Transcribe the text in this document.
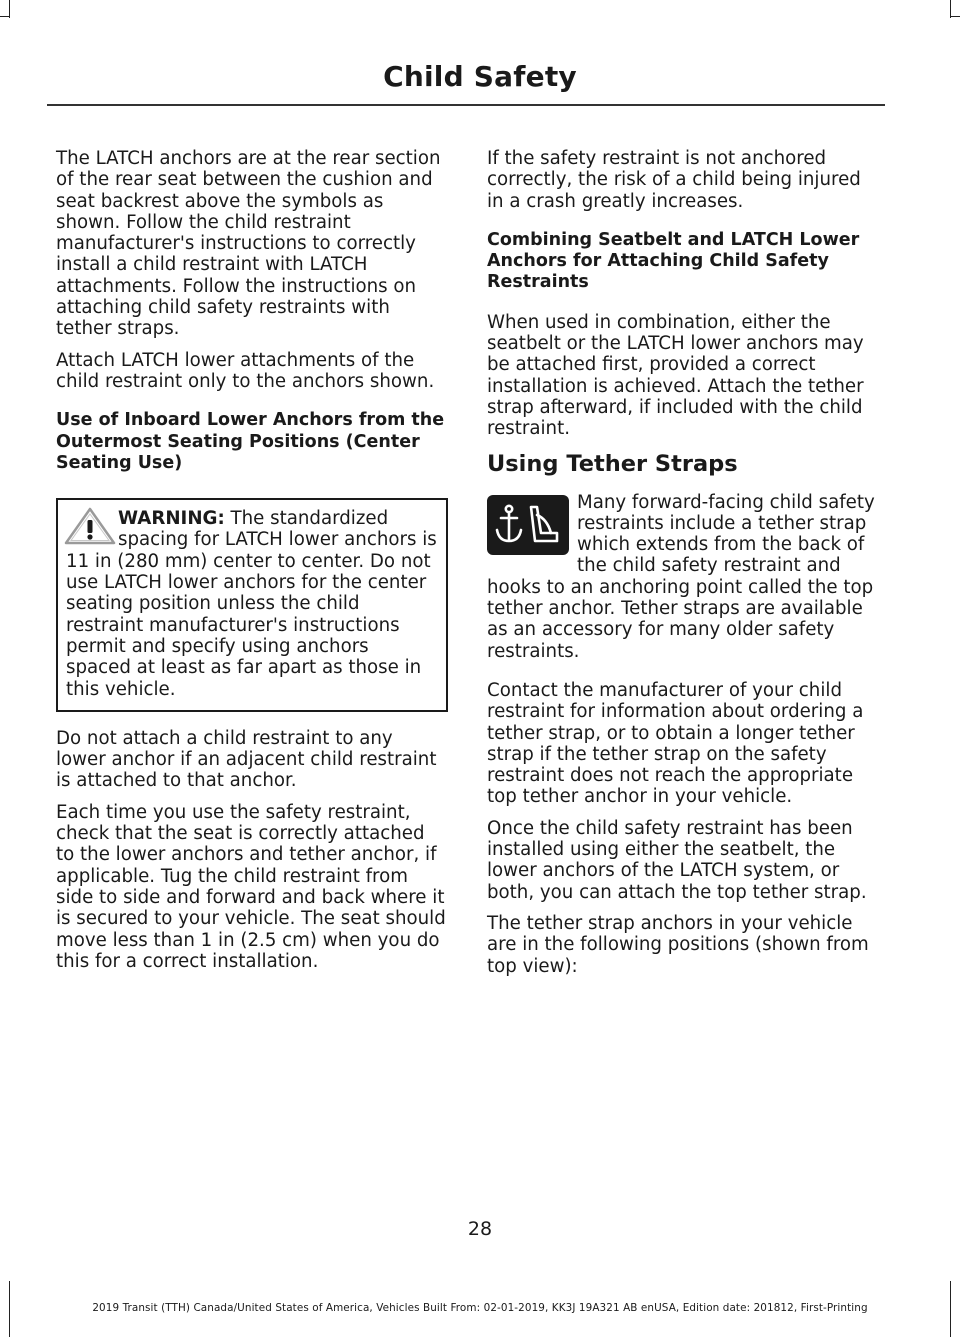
Child Safety

The LATCH anchors are at the rear section of the rear seat between the cushion and seat backrest above the symbols as shown. Follow the child restraint manufacturer's instructions to correctly install a child restraint with LATCH attachments. Follow the instructions on attaching child safety restraints with tether straps.

Attach LATCH lower attachments of the child restraint only to the anchors shown.

Use of Inboard Lower Anchors from the Outermost Seating Positions (Center Seating Use)
WARNING: The standardized spacing for LATCH lower anchors is 11 in (280 mm) center to center. Do not use LATCH lower anchors for the center seating position unless the child restraint manufacturer's instructions permit and specify using anchors spaced at least as far apart as those in this vehicle.

Do not attach a child restraint to any lower anchor if an adjacent child restraint is attached to that anchor.

Each time you use the safety restraint, check that the seat is correctly attached to the lower anchors and tether anchor, if applicable. Tug the child restraint from side to side and forward and back where it is secured to your vehicle. The seat should move less than 1 in (2.5 cm) when you do this for a correct installation.

If the safety restraint is not anchored correctly, the risk of a child being injured in a crash greatly increases.

Combining Seatbelt and LATCH Lower Anchors for Attaching Child Safety Restraints

When used in combination, either the seatbelt or the LATCH lower anchors may be attached first, provided a correct installation is achieved. Attach the tether strap afterward, if included with the child restraint.

Using Tether Straps

Many forward-facing child safety restraints include a tether strap which extends from the back of the child safety restraint and hooks to an anchoring point called the top tether anchor. Tether straps are available as an accessory for many older safety restraints.

Contact the manufacturer of your child restraint for information about ordering a tether strap, or to obtain a longer tether strap if the tether strap on the safety restraint does not reach the appropriate top tether anchor in your vehicle.

Once the child safety restraint has been installed using either the seatbelt, the lower anchors of the LATCH system, or both, you can attach the top tether strap.

The tether strap anchors in your vehicle are in the following positions (shown from top view):

28
2019 Transit (TTH) Canada/United States of America, Vehicles Built From: 02-01-2019, KK3J 19A321 AB enUSA, Edition date: 201812, First-Printing
